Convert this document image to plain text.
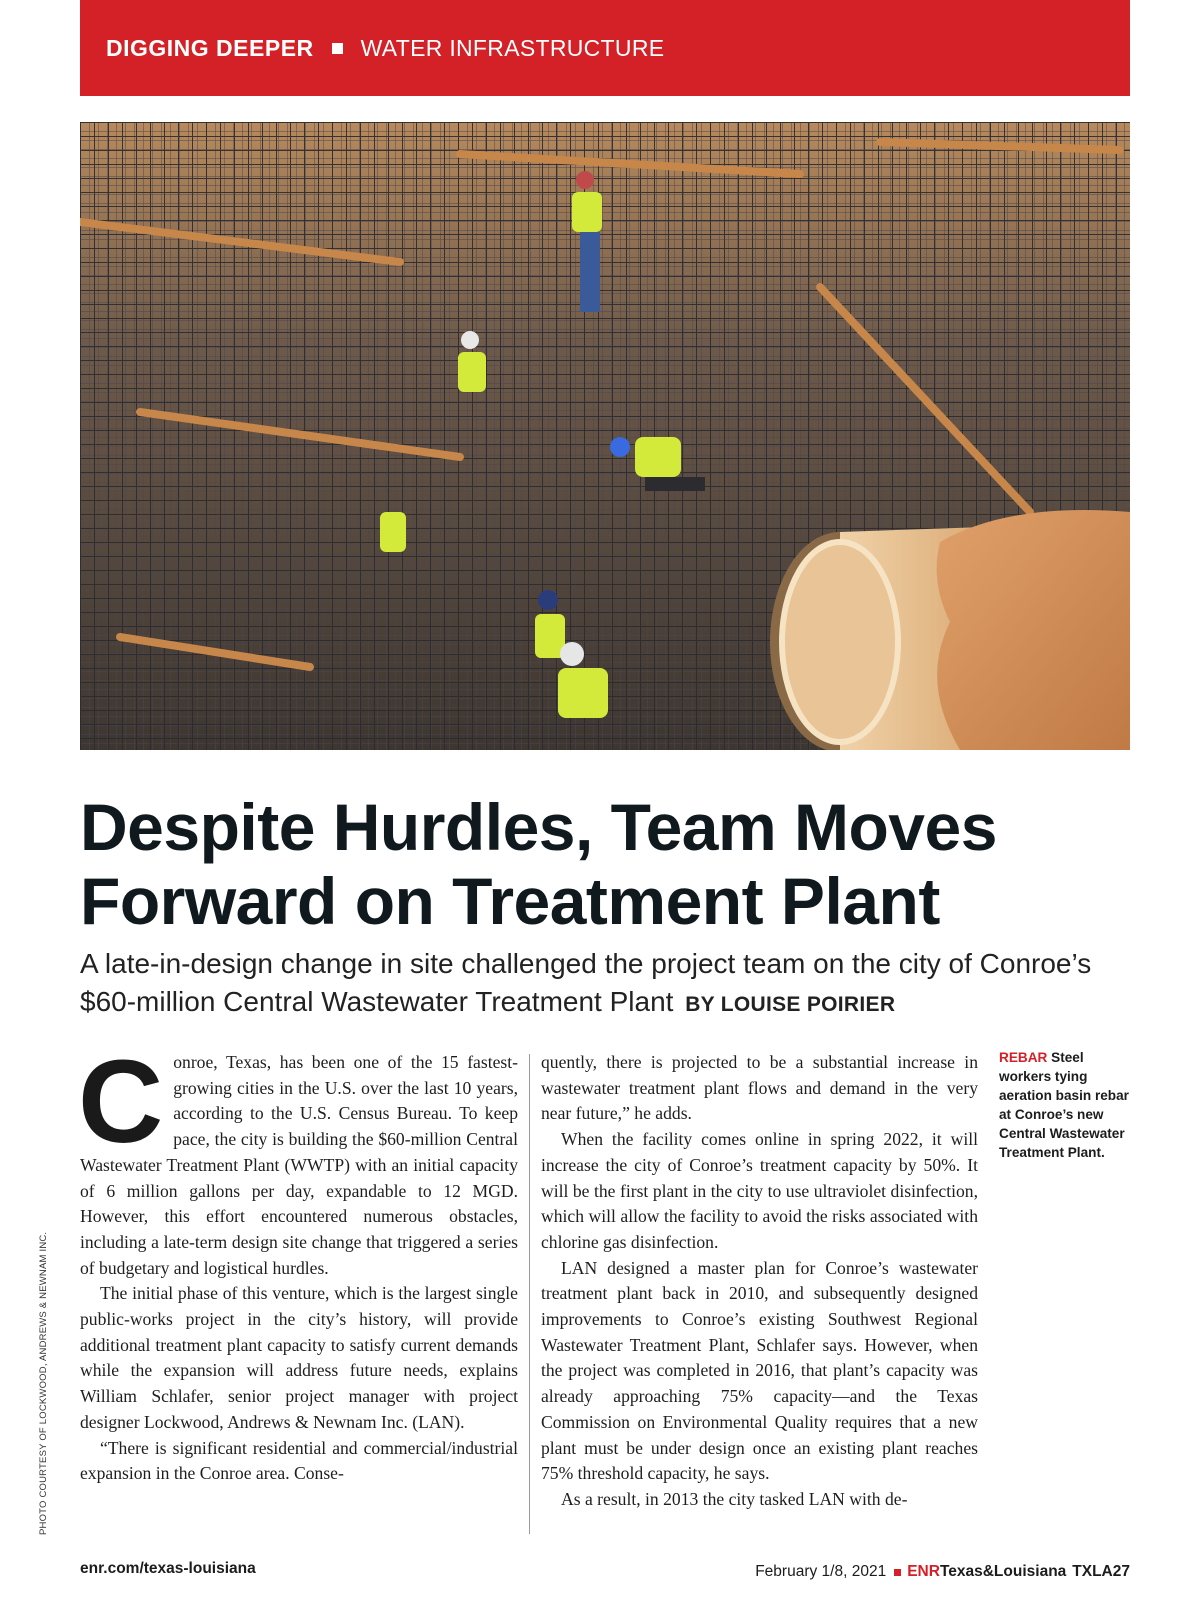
DIGGING DEEPER WATER INFRASTRUCTURE
PHOTO COURTESY OF LOCKWOOD, ANDREWS & NEWNAM INC.
Despite Hurdles, Team Moves
Forward on Treatment Plant
A late-in-design change in site challenged the project team on the city of Conroe’s $60-million Central Wastewater Treatment Plant BY LOUISE POIRIER

Conroe, Texas, has been one of the 15 fastest-growing cities in the U.S. over the last 10 years, according to the U.S. Census Bureau. To keep pace, the city is building the $60-million Central Wastewater Treatment Plant (WWTP) with an initial capacity of 6 million gallons per day, expandable to 12 MGD. However, this effort encountered numerous obstacles, including a late-term design site change that triggered a series of budgetary and logistical hurdles.

The initial phase of this venture, which is the largest single public-works project in the city’s history, will provide additional treatment plant capacity to satisfy current demands while the expansion will address future needs, explains William Schlafer, senior project manager with project designer Lockwood, Andrews & Newnam Inc. (LAN).

“There is significant residential and commercial/industrial expansion in the Conroe area. Conse-

quently, there is projected to be a substantial increase in wastewater treatment plant flows and demand in the very near future,” he adds.

When the facility comes online in spring 2022, it will increase the city of Conroe’s treatment capacity by 50%. It will be the first plant in the city to use ultraviolet disinfection, which will allow the facility to avoid the risks associated with chlorine gas disinfection.

LAN designed a master plan for Conroe’s wastewater treatment plant back in 2010, and subsequently designed improvements to Conroe’s existing Southwest Regional Wastewater Treatment Plant, Schlafer says. However, when the project was completed in 2016, that plant’s capacity was already approaching 75% capacity—and the Texas Commission on Environmental Quality requires that a new plant must be under design once an existing plant reaches 75% threshold capacity, he says.

As a result, in 2013 the city tasked LAN with de-

REBAR Steel workers tying aeration basin rebar at Conroe’s new Central Wastewater Treatment Plant.
enr.com/texas-louisiana	February 1/8, 2021 ENR Texas&Louisiana TXLA27
